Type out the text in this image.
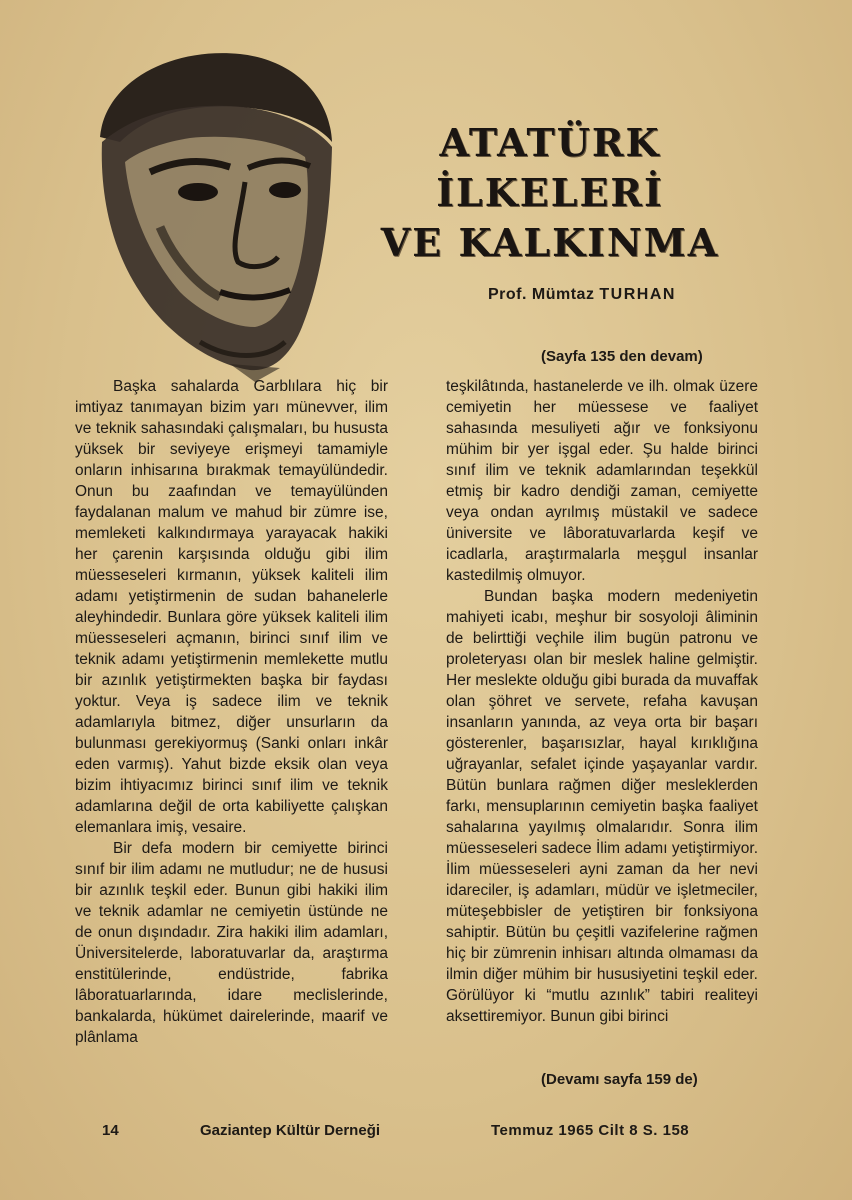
ATATÜRK İLKELERİ
VE KALKINMA
Prof. Mümtaz TURHAN
(Sayfa 135 den devam)

Başka sahalarda Garblılara hiç bir imtiyaz tanımayan bizim yarı münevver, ilim ve teknik sahasındaki çalışmaları, bu hususta yüksek bir seviyeye erişmeyi tamamiyle onların inhisarına bırakmak temayülündedir. Onun bu zaafından ve temayülünden faydalanan malum ve mahud bir zümre ise, memleketi kalkındırmaya yarayacak hakiki her çarenin karşısında olduğu gibi ilim müesseseleri kırmanın, yüksek kaliteli ilim adamı yetiştirmenin de sudan bahanelerle aleyhindedir. Bunlara göre yüksek kaliteli ilim müesseseleri açmanın, birinci sınıf ilim ve teknik adamı yetiştirmenin memlekette mutlu bir azınlık yetiştirmekten başka bir faydası yoktur. Veya iş sadece ilim ve teknik adamlarıyla bitmez, diğer unsurların da bulunması gerekiyormuş (Sanki onları inkâr eden varmış). Yahut bizde eksik olan veya bizim ihtiyacımız birinci sınıf ilim ve teknik adamlarına değil de orta kabiliyette çalışkan elemanlara imiş, vesaire.

Bir defa modern bir cemiyette birinci sınıf bir ilim adamı ne mutludur; ne de hususi bir azınlık teşkil eder. Bunun gibi hakiki ilim ve teknik adamlar ne cemiyetin üstünde ne de onun dışındadır. Zira hakiki ilim adamları, Üniversitelerde, laboratuvarlar da, araştırma enstitülerinde, endüstride, fabrika lâboratuarlarında, idare meclislerinde, bankalarda, hükümet dairelerinde, maarif ve plânlama

teşkilâtında, hastanelerde ve ilh. olmak üzere cemiyetin her müessese ve faaliyet sahasında mesuliyeti ağır ve fonksiyonu mühim bir yer işgal eder. Şu halde birinci sınıf ilim ve teknik adamlarından teşekkül etmiş bir kadro dendiği zaman, cemiyette veya ondan ayrılmış müstakil ve sadece üniversite ve lâboratuvarlarda keşif ve icadlarla, araştırmalarla meşgul insanlar kastedilmiş olmuyor.

Bundan başka modern medeniyetin mahiyeti icabı, meşhur bir sosyoloji âliminin de belirttiği veçhile ilim bugün patronu ve proleteryası olan bir meslek haline gelmiştir. Her meslekte olduğu gibi burada da muvaffak olan şöhret ve servete, refaha kavuşan insanların yanında, az veya orta bir başarı gösterenler, başarısızlar, hayal kırıklığına uğrayanlar, sefalet içinde yaşayanlar vardır. Bütün bunlara rağmen diğer mesleklerden farkı, mensuplarının cemiyetin başka faaliyet sahalarına yayılmış olmalarıdır. Sonra ilim müesseseleri sadece İlim adamı yetiştirmiyor. İlim müesseseleri ayni zaman da her nevi idareciler, iş adamları, müdür ve işletmeciler, müteşebbisler de yetiştiren bir fonksiyona sahiptir. Bütün bu çeşitli vazifelerine rağmen hiç bir zümrenin inhisarı altında olmaması da ilmin diğer mühim bir hususiyetini teşkil eder. Görülüyor ki “mutlu azınlık” tabiri realiteyi aksettiremiyor. Bunun gibi birinci

(Devamı sayfa 159 de)
14	Gaziantep Kültür Derneği	Temmuz 1965 Cilt 8 S. 158
